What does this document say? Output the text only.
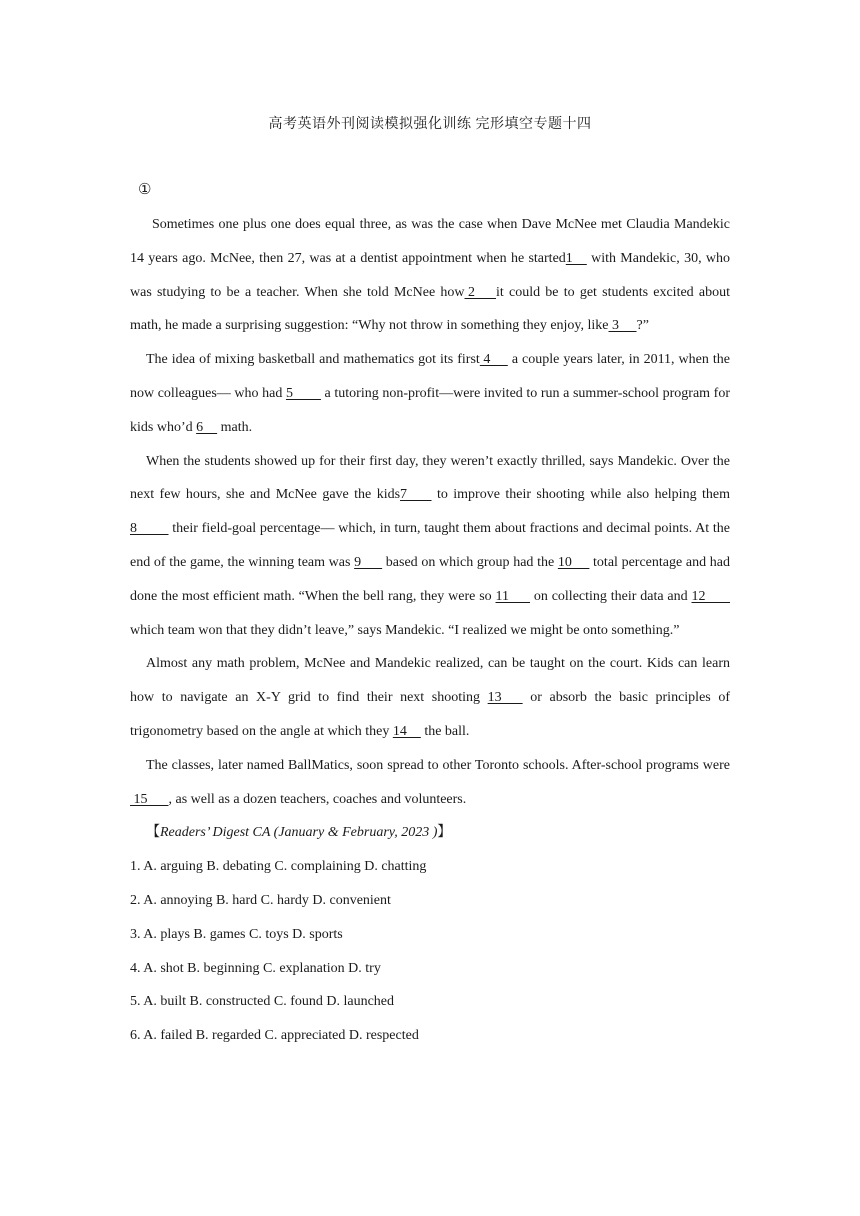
高考英语外刊阅读模拟强化训练 完形填空专题十四
①

Sometimes one plus one does equal three, as was the case when Dave McNee met Claudia Mandekic 14 years ago. McNee, then 27, was at a dentist appointment when he started1     with Mandekic, 30, who was studying to be a teacher. When she told McNee how 2      it could be to get students excited about math, he made a surprising suggestion: “Why not throw in something they enjoy, like 3     ?”

The idea of mixing basketball and mathematics got its first 4      a couple years later, in 2011, when the now colleagues— who had 5         a tutoring non-profit—were invited to run a summer-school program for kids who’d 6     math.

When the students showed up for their first day, they weren’t exactly thrilled, says Mandekic. Over the next few hours, she and McNee gave the kids7        to improve their shooting while also helping them 8          their field-goal percentage— which, in turn, taught them about fractions and decimal points. At the end of the game, the winning team was 9       based on which group had the 10      total percentage and had done the most efficient math. “When the bell rang, they were so 11       on collecting their data and 12       which team won that they didn’t leave,” says Mandekic. “I realized we might be onto something.”

Almost any math problem, McNee and Mandekic realized, can be taught on the court. Kids can learn how to navigate an X-Y grid to find their next shooting 13       or absorb the basic principles of trigonometry based on the angle at which they 14     the ball.

The classes, later named BallMatics, soon spread to other Toronto schools. After-school programs were 15      , as well as a dozen teachers, coaches and volunteers.

【Readers’ Digest CA (January & February, 2023 )】

1. A. arguing B. debating C. complaining D. chatting

2. A. annoying B. hard C. hardy D. convenient

3. A. plays B. games C. toys D. sports

4. A. shot B. beginning C. explanation D. try

5. A. built B. constructed C. found D. launched

6. A. failed B. regarded C. appreciated D. respected
